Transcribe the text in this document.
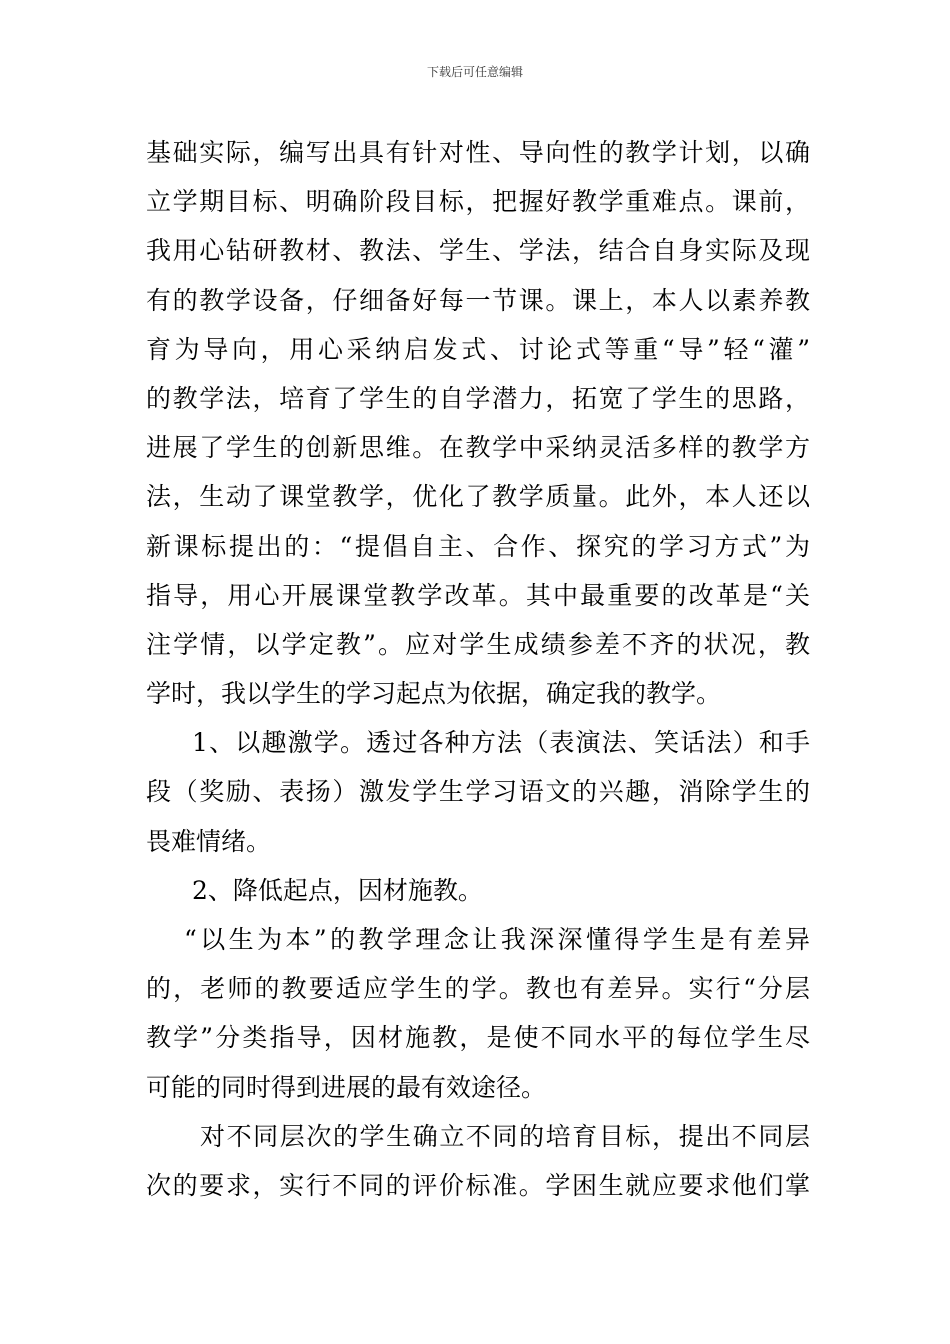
下载后可任意编辑
基础实际，编写出具有针对性、导向性的教学计划，以确
立学期目标、明确阶段目标，把握好教学重难点。课前，
我用心钻研教材、教法、学生、学法，结合自身实际及现
有的教学设备，仔细备好每一节课。课上，本人以素养教
育为导向，用心采纳启发式、讨论式等重“导”轻“灌”
的教学法，培育了学生的自学潜力，拓宽了学生的思路，
进展了学生的创新思维。在教学中采纳灵活多样的教学方
法，生动了课堂教学，优化了教学质量。此外，本人还以
新课标提出的：“提倡自主、合作、探究的学习方式”为
指导，用心开展课堂教学改革。其中最重要的改革是“关
注学情，以学定教”。应对学生成绩参差不齐的状况，教
学时，我以学生的学习起点为依据，确定我的教学。
1、以趣激学。透过各种方法（表演法、笑话法）和手
段（奖励、表扬）激发学生学习语文的兴趣，消除学生的
畏难情绪。
2、降低起点，因材施教。
“以生为本”的教学理念让我深深懂得学生是有差异
的，老师的教要适应学生的学。教也有差异。实行“分层
教学”分类指导，因材施教，是使不同水平的每位学生尽
可能的同时得到进展的最有效途径。
对不同层次的学生确立不同的培育目标，提出不同层
次的要求，实行不同的评价标准。学困生就应要求他们掌
